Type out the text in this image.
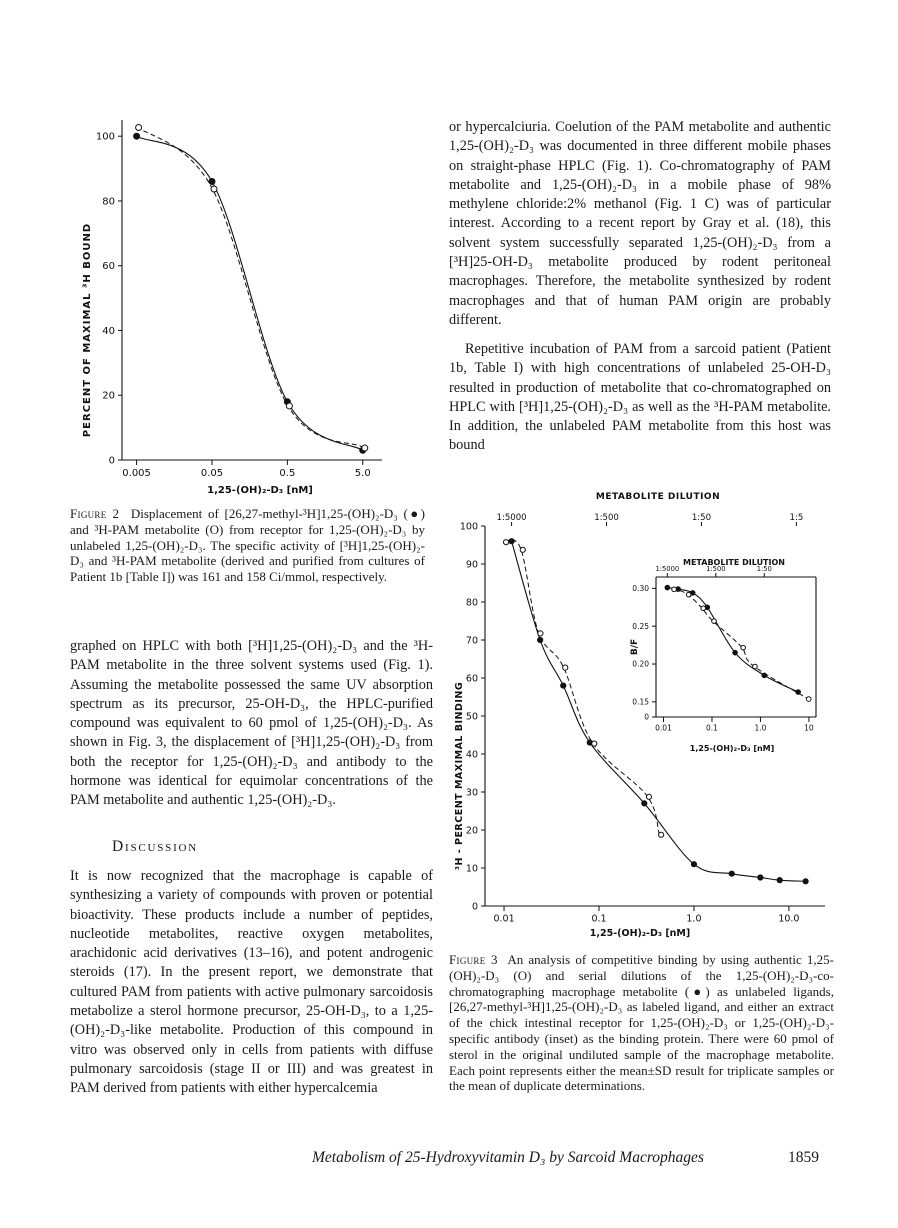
0
20
40
60
80
100
0.005	0.05	0.5	5.0
PERCENT OF MAXIMAL ³H BOUND
1,25-(OH)₂-D₃ [nM]
Figure 2 Displacement of [26,27-methyl-³H]1,25-(OH)₂-D₃ (●) and ³H-PAM metabolite (O) from receptor for 1,25-(OH)₂-D₃ by unlabeled 1,25-(OH)₂-D₃. The specific activity of [³H]1,25-(OH)₂-D₃ and ³H-PAM metabolite (derived and purified from cultures of Patient 1b [Table I]) was 161 and 158 Ci/mmol, respectively.
graphed on HPLC with both [³H]1,25-(OH)₂-D₃ and the ³H-PAM metabolite in the three solvent systems used (Fig. 1). Assuming the metabolite possessed the same UV absorption spectrum as its precursor, 25-OH-D₃, the HPLC-purified compound was equivalent to 60 pmol of 1,25-(OH)₂-D₃. As shown in Fig. 3, the displacement of [³H]1,25-(OH)₂-D₃ from both the receptor for 1,25-(OH)₂-D₃ and antibody to the hormone was identical for equimolar concentrations of the PAM metabolite and authentic 1,25-(OH)₂-D₃.
Discussion
It is now recognized that the macrophage is capable of synthesizing a variety of compounds with proven or potential bioactivity. These products include a number of peptides, nucleotide metabolites, reactive oxygen metabolites, arachidonic acid derivatives (13–16), and potent androgenic steroids (17). In the present report, we demonstrate that cultured PAM from patients with active pulmonary sarcoidosis metabolize a sterol hormone precursor, 25-OH-D₃, to a 1,25-(OH)₂-D₃-like metabolite. Production of this compound in vitro was observed only in cells from patients with diffuse pulmonary sarcoidosis (stage II or III) and was greatest in PAM derived from patients with either hypercalcemia
or hypercalciuria. Coelution of the PAM metabolite and authentic 1,25-(OH)₂-D₃ was documented in three different mobile phases on straight-phase HPLC (Fig. 1). Co-chromatography of PAM metabolite and 1,25-(OH)₂-D₃ in a mobile phase of 98% methylene chloride:2% methanol (Fig. 1 C) was of particular interest. According to a recent report by Gray et al. (18), this solvent system successfully separated 1,25-(OH)₂-D₃ from a [³H]25-OH-D₃ metabolite produced by rodent peritoneal macrophages. Therefore, the metabolite synthesized by rodent macrophages and that of human PAM origin are probably different.
Repetitive incubation of PAM from a sarcoid patient (Patient 1b, Table I) with high concentrations of unlabeled 25-OH-D₃ resulted in production of metabolite that co-chromatographed on HPLC with [³H]1,25-(OH)₂-D₃ as well as the ³H-PAM metabolite. In addition, the unlabeled PAM metabolite from this host was bound
METABOLITE DILUTION
0
10
20
30
40
50
60
70
80
90
100
0.01	0.1	1.0	10.0
1:5000	1:500	1:50	1:5
³H - PERCENT MAXIMAL BINDING
1,25-(OH)₂-D₃ [nM]
0
0.15
0.20
0.25
0.30
0.01	0.1	1.0	10
1:5000	1:500	1:50
METABOLITE DILUTION
B/F
1,25-(OH)₂-D₃ [nM]
Figure 3 An analysis of competitive binding by using authentic 1,25-(OH)₂-D₃ (O) and serial dilutions of the 1,25-(OH)₂-D₃-co-chromatographing macrophage metabolite (●) as unlabeled ligands, [26,27-methyl-³H]1,25-(OH)₂-D₃ as labeled ligand, and either an extract of the chick intestinal receptor for 1,25-(OH)₂-D₃ or 1,25-(OH)₂-D₃-specific antibody (inset) as the binding protein. There were 60 pmol of sterol in the original undiluted sample of the macrophage metabolite. Each point represents either the mean±SD result for triplicate samples or the mean of duplicate determinations.
Metabolism of 25-Hydroxyvitamin D₃ by Sarcoid Macrophages	1859
